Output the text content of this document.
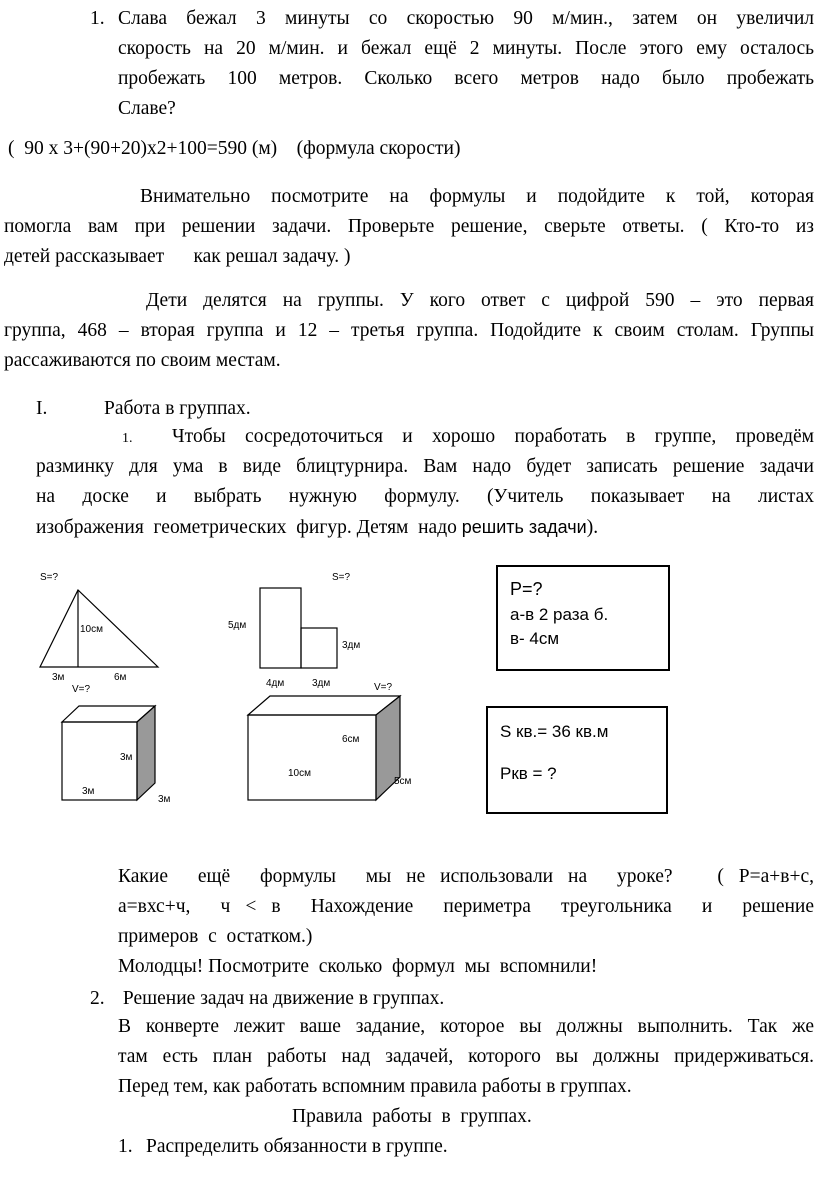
1. Слава бежал 3 минуты со скоростью 90 м/мин., затем он увеличил

скорость на 20 м/мин. и бежал ещё 2 минуты. После этого ему осталось

пробежать 100 метров. Сколько всего метров надо было пробежать

Славе?

(  90 х 3+(90+20)х2+100=590 (м)    (формула скорости)

Внимательно посмотрите на формулы и подойдите к той, которая

помогла вам при решении задачи. Проверьте решение, сверьте ответы. ( Кто-то из

детей рассказывает      как решал задачу. )

Дети делятся на группы. У кого ответ с цифрой 590 – это первая

группа, 468 – вторая группа и 12 – третья группа. Подойдите к своим столам. Группы

рассаживаются по своим местам.

I.	Работа в группах.

1. Чтобы сосредоточиться и хорошо поработать в группе, проведём

разминку для ума в виде блицтурнира. Вам надо будет записать решение задачи

на доске и выбрать нужную формулу. (Учитель показывает на листах

изображения  геометрических  фигур. Детям  надо решить задачи).

S=?
10см
3м	6м
S=?
5дм
3дм
4дм	3дм
V=?
3м
3м
3м
V=?
6см
10см
5см
Р=?
а-в 2 раза б.
в- 4см
S кв.= 36 кв.м
Ркв = ?

Какие  ещё  формулы  мы не использовали на  уроке?   ( Р=а+в+с,

а=вхс+ч,  ч < в  Нахождение  периметра  треугольника  и  решение

примеров  с  остатком.)

Молодцы! Посмотрите  сколько  формул  мы  вспомнили!

2. Решение задач на движение в группах.

В конверте лежит ваше задание, которое вы должны выполнить. Так же

там есть план работы над задачей, которого вы должны придерживаться.

Перед тем, как работать вспомним правила работы в группах.

Правила  работы  в  группах.

1. Распределить обязанности в группе.
